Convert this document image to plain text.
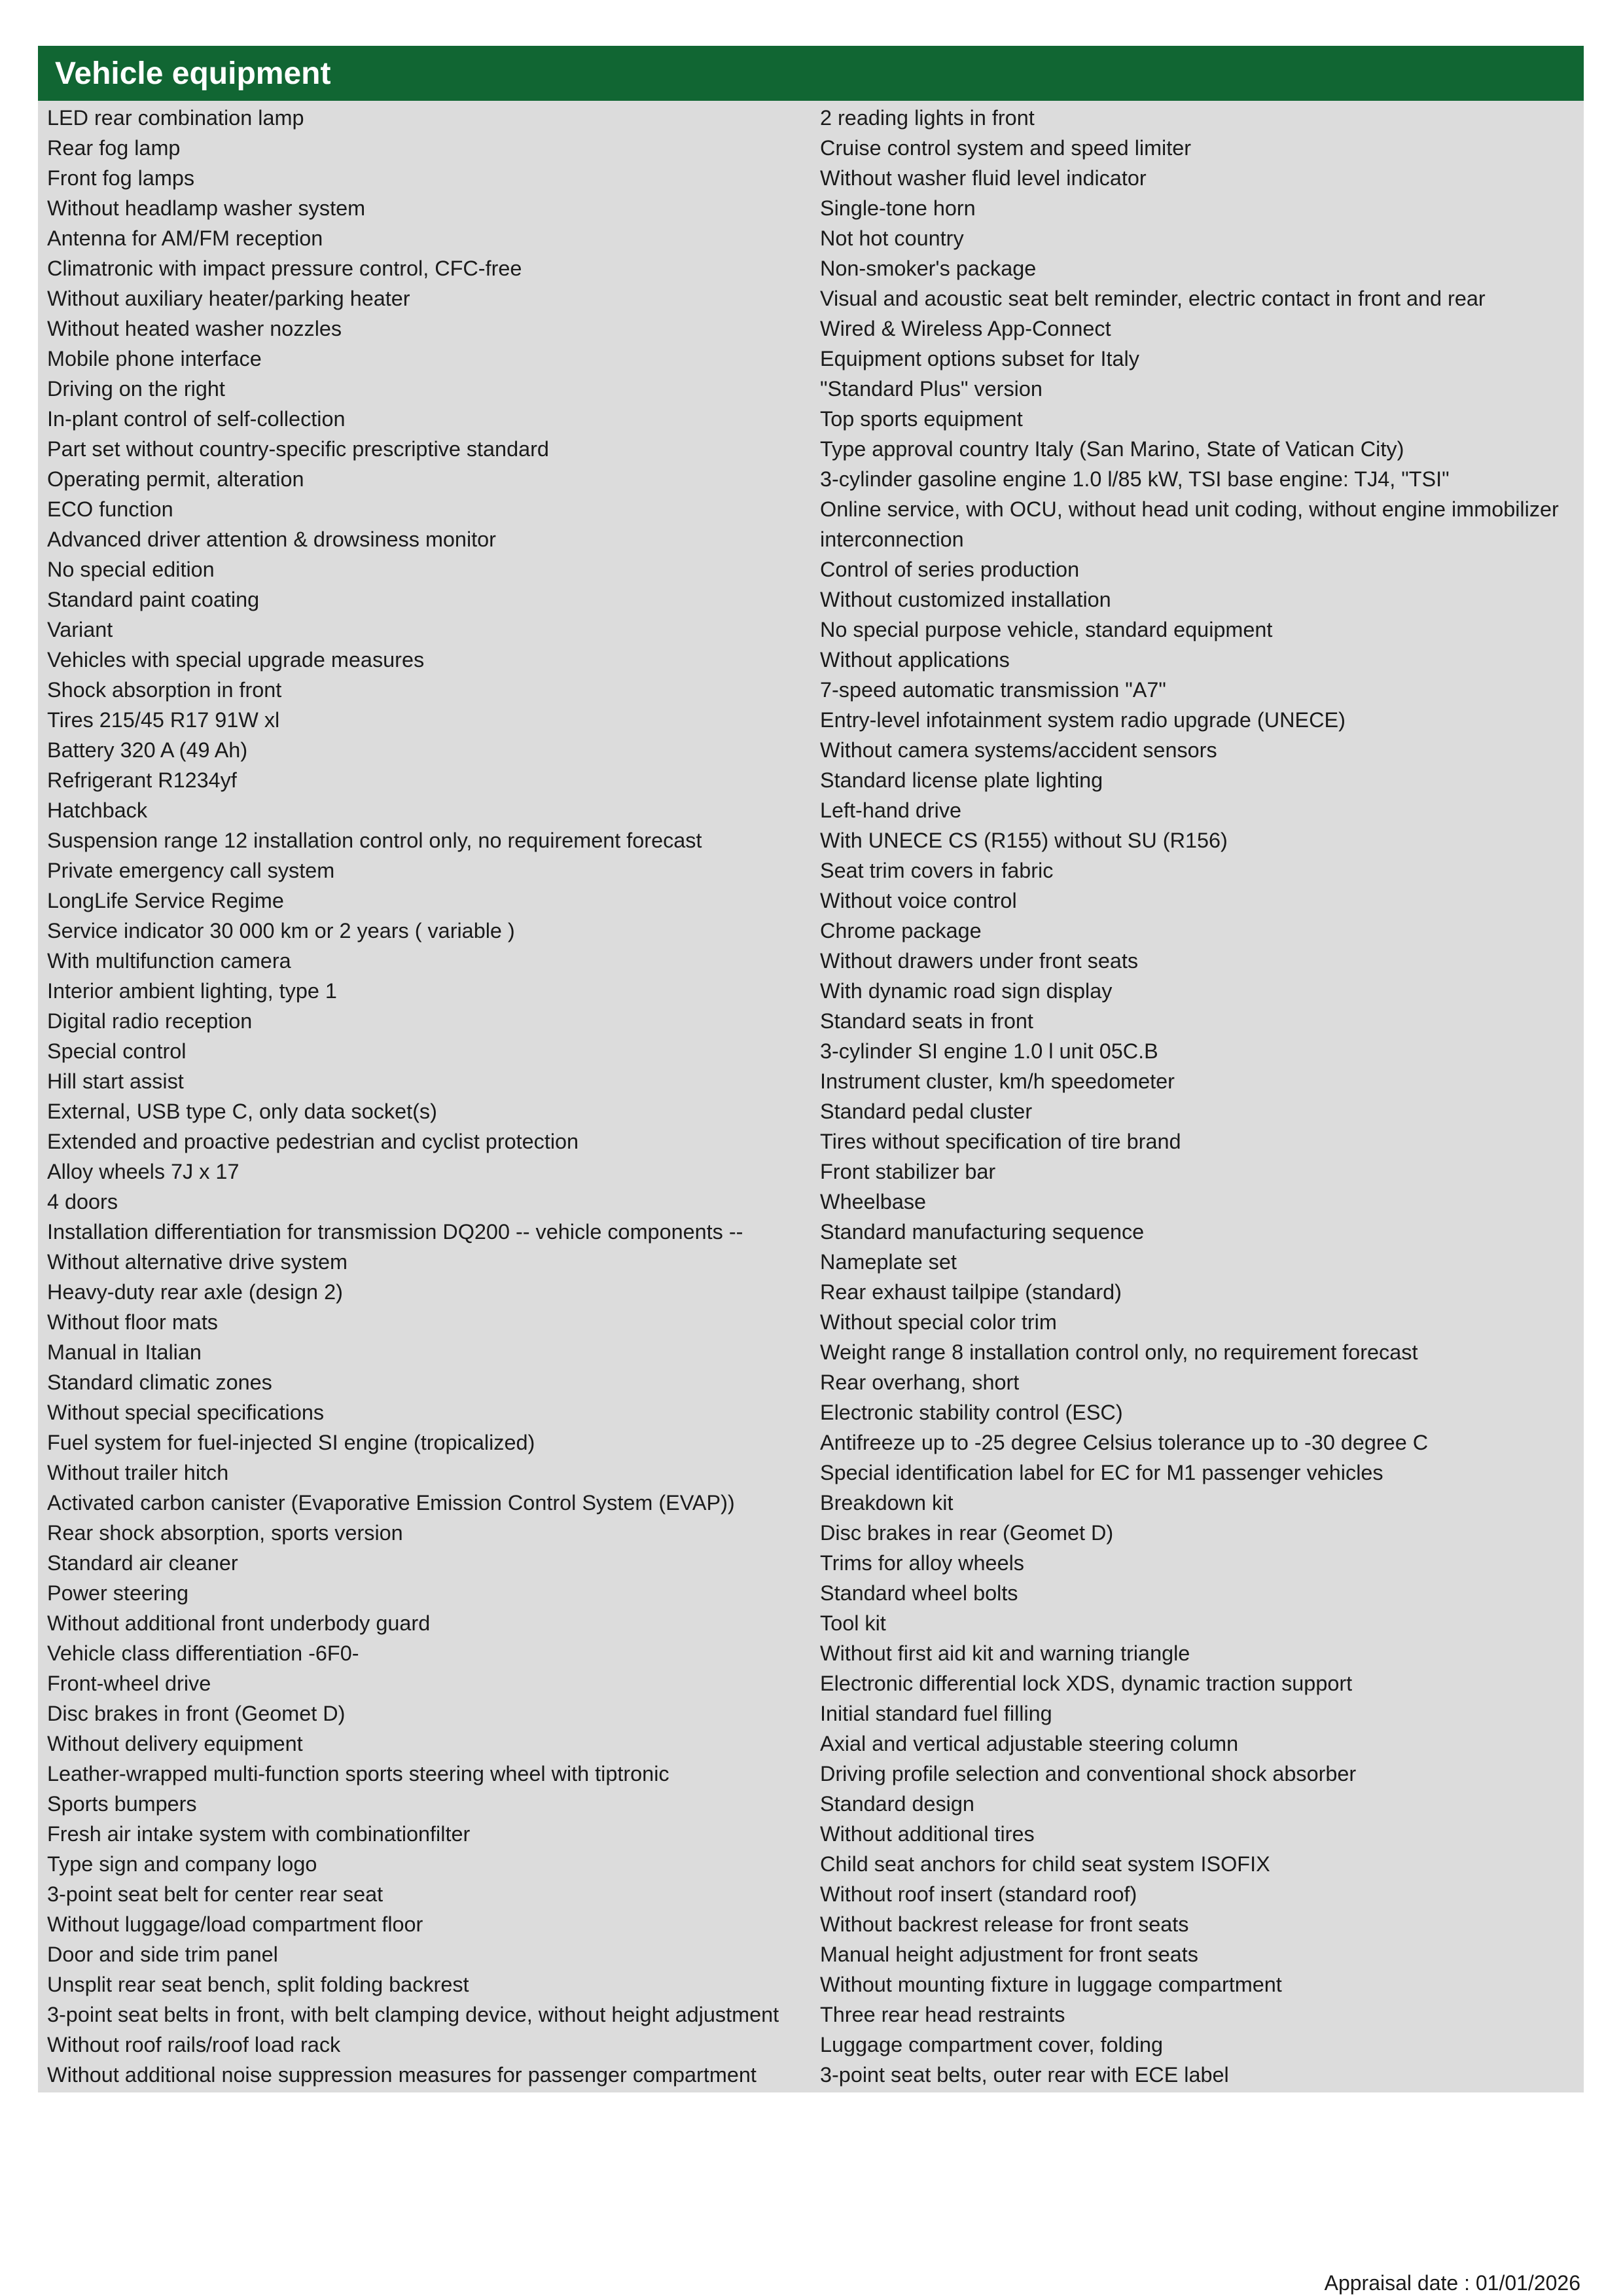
Vehicle equipment
LED rear combination lamp
Rear fog lamp
Front fog lamps
Without headlamp washer system
Antenna for AM/FM reception
Climatronic with impact pressure control, CFC-free
Without auxiliary heater/parking heater
Without heated washer nozzles
Mobile phone interface
Driving on the right
In-plant control of self-collection
Part set without country-specific prescriptive standard
Operating permit, alteration
ECO function
Advanced driver attention & drowsiness monitor
No special edition
Standard paint coating
Variant
Vehicles with special upgrade measures
Shock absorption in front
Tires 215/45 R17 91W xl
Battery 320 A (49 Ah)
Refrigerant R1234yf
Hatchback
Suspension range 12 installation control only, no requirement forecast
Private emergency call system
LongLife Service Regime
Service indicator 30 000 km or 2 years ( variable )
With multifunction camera
Interior ambient lighting, type 1
Digital radio reception
Special control
Hill start assist
External, USB type C, only data socket(s)
Extended and proactive pedestrian and cyclist protection
Alloy wheels 7J x 17
4 doors
Installation differentiation for transmission DQ200 -- vehicle components --
Without alternative drive system
Heavy-duty rear axle (design 2)
Without floor mats
Manual in Italian
Standard climatic zones
Without special specifications
Fuel system for fuel-injected SI engine (tropicalized)
Without trailer hitch
Activated carbon canister (Evaporative Emission Control System (EVAP))
Rear shock absorption, sports version
Standard air cleaner
Power steering
Without additional front underbody guard
Vehicle class differentiation -6F0-
Front-wheel drive
Disc brakes in front (Geomet D)
Without delivery equipment
Leather-wrapped multi-function sports steering wheel with tiptronic
Sports bumpers
Fresh air intake system with combinationfilter
Type sign and company logo
3-point seat belt for center rear seat
Without luggage/load compartment floor
Door and side trim panel
Unsplit rear seat bench, split folding backrest
3-point seat belts in front, with belt clamping device, without height adjustment
Without roof rails/roof load rack
Without additional noise suppression measures for passenger compartment
2 reading lights in front
Cruise control system and speed limiter
Without washer fluid level indicator
Single-tone horn
Not hot country
Non-smoker's package
Visual and acoustic seat belt reminder, electric contact in front and rear
Wired & Wireless App-Connect
Equipment options subset for Italy
"Standard Plus" version
Top sports equipment
Type approval country Italy (San Marino, State of Vatican City)
3-cylinder gasoline engine 1.0 l/85 kW, TSI base engine: TJ4, "TSI"
Online service, with OCU, without head unit coding, without engine immobilizer interconnection
Control of series production
Without customized installation
No special purpose vehicle, standard equipment
Without applications
7-speed automatic transmission "A7"
Entry-level infotainment system radio upgrade (UNECE)
Without camera systems/accident sensors
Standard license plate lighting
Left-hand drive
With UNECE CS (R155) without SU (R156)
Seat trim covers in fabric
Without voice control
Chrome package
Without drawers under front seats
With dynamic road sign display
Standard seats in front
3-cylinder SI engine 1.0 l unit 05C.B
Instrument cluster, km/h speedometer
Standard pedal cluster
Tires without specification of tire brand
Front stabilizer bar
Wheelbase
Standard manufacturing sequence
Nameplate set
Rear exhaust tailpipe (standard)
Without special color trim
Weight range 8 installation control only, no requirement forecast
Rear overhang, short
Electronic stability control (ESC)
Antifreeze up to -25 degree Celsius tolerance up to -30 degree C
Special identification label for EC for M1 passenger vehicles
Breakdown kit
Disc brakes in rear (Geomet D)
Trims for alloy wheels
Standard wheel bolts
Tool kit
Without first aid kit and warning triangle
Electronic differential lock XDS, dynamic traction support
Initial standard fuel filling
Axial and vertical adjustable steering column
Driving profile selection and conventional shock absorber
Standard design
Without additional tires
Child seat anchors for child seat system ISOFIX
Without roof insert (standard roof)
Without backrest release for front seats
Manual height adjustment for front seats
Without mounting fixture in luggage compartment
Three rear head restraints
Luggage compartment cover, folding
3-point seat belts, outer rear with ECE label
Appraisal date : 01/01/2026
